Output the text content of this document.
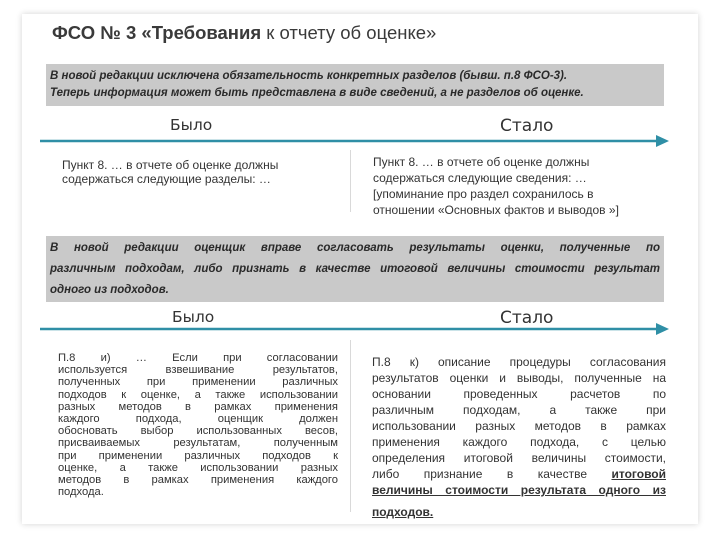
ФСО № 3 «Требования к отчету об оценке»
В новой редакции исключена обязательность конкретных разделов (бывш. п.8 ФСО-3).
Теперь информация может быть представлена в виде сведений, а не разделов об оценке.
Было	Стало
Пункт 8. … в отчете об оценке должны
содержаться следующие разделы: …
Пункт 8. … в отчете об оценке должны
содержаться следующие сведения: …
[упоминание про раздел сохранилось в
отношении «Основных фактов и выводов »]
В новой редакции оценщик вправе согласовать результаты оценки, полученные по
различным подходам, либо признать в качестве итоговой величины стоимости результат
одного из подходов.
Было	Стало
П.8 и) … Если при согласовании
используется взвешивание результатов,
полученных при применении различных
подходов к оценке, а также использовании
разных методов в рамках применения
каждого подхода, оценщик должен
обосновать выбор использованных весов,
присваиваемых результатам, полученным
при применении различных подходов к
оценке, а также использовании разных
методов в рамках применения каждого
подхода.
П.8 к) описание процедуры согласования
результатов оценки и выводы, полученные на
основании проведенных расчетов по
различным подходам, а также при
использовании разных методов в рамках
применения каждого подхода, с целью
определения итоговой величины стоимости,
либо признание в качестве итоговой
величины стоимости результата одного из
подходов.
